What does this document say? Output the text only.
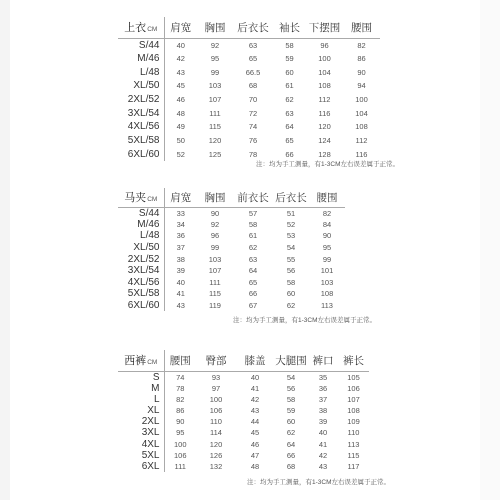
上衣CM	肩宽	胸围	后衣长	袖长	下摆围	腰围
S/44	40	92	63	58	96	82
M/46	42	95	65	59	100	86
L/48	43	99	66.5	60	104	90
XL/50	45	103	68	61	108	94
2XL/52	46	107	70	62	112	100
3XL/54	48	111	72	63	116	104
4XL/56	49	115	74	64	120	108
5XL/58	50	120	76	65	124	112
6XL/60	52	125	78	66	128	116
注：均为手工测量，有1-3CM左右误差属于正常。
马夹CM	肩宽	胸围	前衣长	后衣长	腰围
S/44	33	90	57	51	82
M/46	34	92	58	52	84
L/48	36	96	61	53	90
XL/50	37	99	62	54	95
2XL/52	38	103	63	55	99
3XL/54	39	107	64	56	101
4XL/56	40	111	65	58	103
5XL/58	41	115	66	60	108
6XL/60	43	119	67	62	113
注：均为手工测量，有1-3CM左右误差属于正常。
西裤CM	腰围	臀部	膝盖	大腿围	裤口	裤长
S	74	93	40	54	35	105
M	78	97	41	56	36	106
L	82	100	42	58	37	107
XL	86	106	43	59	38	108
2XL	90	110	44	60	39	109
3XL	95	114	45	62	40	110
4XL	100	120	46	64	41	113
5XL	106	126	47	66	42	115
6XL	111	132	48	68	43	117
注：均为手工测量，有1-3CM左右误差属于正常。
